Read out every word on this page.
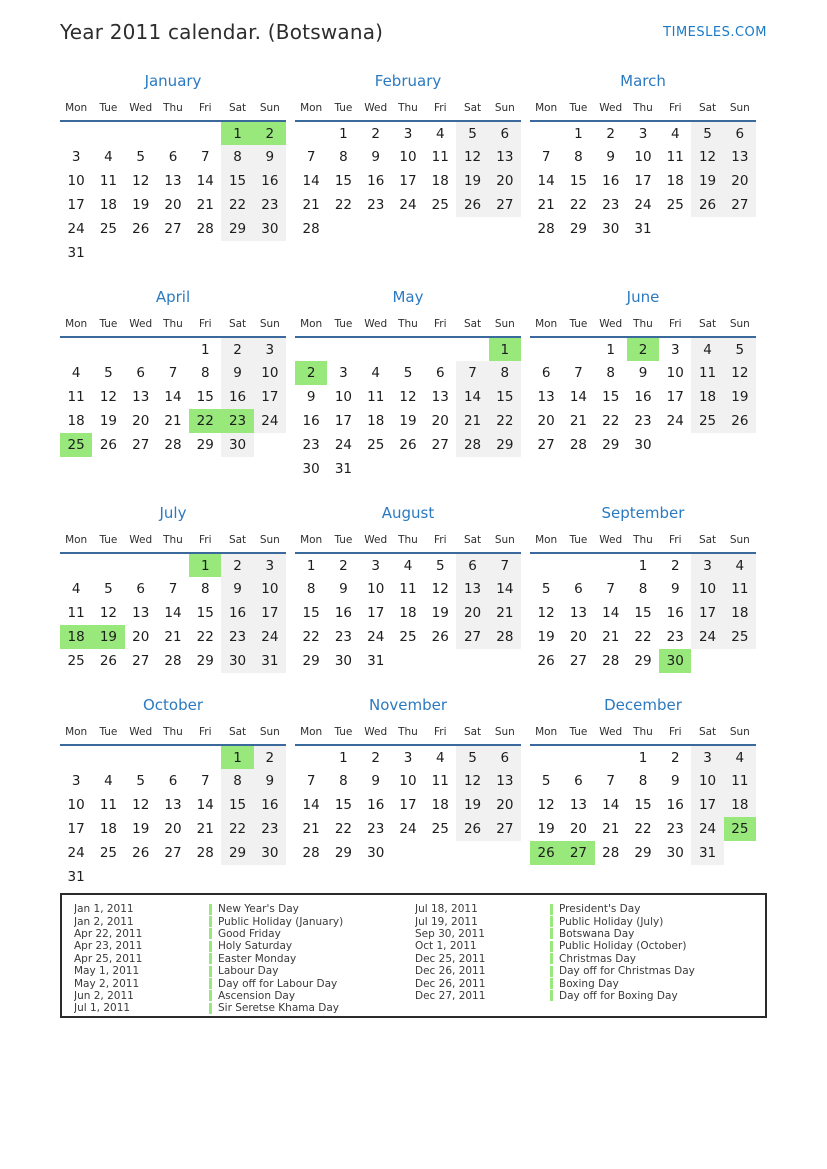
Year 2011 calendar. (Botswana)	TIMESLES.COM
January
Mon	Tue	Wed	Thu	Fri	Sat	Sun
					1	2
3	4	5	6	7	8	9
10	11	12	13	14	15	16
17	18	19	20	21	22	23
24	25	26	27	28	29	30
31						
February
Mon	Tue	Wed	Thu	Fri	Sat	Sun
	1	2	3	4	5	6
7	8	9	10	11	12	13
14	15	16	17	18	19	20
21	22	23	24	25	26	27
28						
March
Mon	Tue	Wed	Thu	Fri	Sat	Sun
	1	2	3	4	5	6
7	8	9	10	11	12	13
14	15	16	17	18	19	20
21	22	23	24	25	26	27
28	29	30	31			
April
Mon	Tue	Wed	Thu	Fri	Sat	Sun
				1	2	3
4	5	6	7	8	9	10
11	12	13	14	15	16	17
18	19	20	21	22	23	24
25	26	27	28	29	30	
May
Mon	Tue	Wed	Thu	Fri	Sat	Sun
						1
2	3	4	5	6	7	8
9	10	11	12	13	14	15
16	17	18	19	20	21	22
23	24	25	26	27	28	29
30	31					
June
Mon	Tue	Wed	Thu	Fri	Sat	Sun
		1	2	3	4	5
6	7	8	9	10	11	12
13	14	15	16	17	18	19
20	21	22	23	24	25	26
27	28	29	30			
July
Mon	Tue	Wed	Thu	Fri	Sat	Sun
				1	2	3
4	5	6	7	8	9	10
11	12	13	14	15	16	17
18	19	20	21	22	23	24
25	26	27	28	29	30	31
August
Mon	Tue	Wed	Thu	Fri	Sat	Sun
1	2	3	4	5	6	7
8	9	10	11	12	13	14
15	16	17	18	19	20	21
22	23	24	25	26	27	28
29	30	31				
September
Mon	Tue	Wed	Thu	Fri	Sat	Sun
			1	2	3	4
5	6	7	8	9	10	11
12	13	14	15	16	17	18
19	20	21	22	23	24	25
26	27	28	29	30		
October
Mon	Tue	Wed	Thu	Fri	Sat	Sun
					1	2
3	4	5	6	7	8	9
10	11	12	13	14	15	16
17	18	19	20	21	22	23
24	25	26	27	28	29	30
31						
November
Mon	Tue	Wed	Thu	Fri	Sat	Sun
	1	2	3	4	5	6
7	8	9	10	11	12	13
14	15	16	17	18	19	20
21	22	23	24	25	26	27
28	29	30				
December
Mon	Tue	Wed	Thu	Fri	Sat	Sun
			1	2	3	4
5	6	7	8	9	10	11
12	13	14	15	16	17	18
19	20	21	22	23	24	25
26	27	28	29	30	31	
Jan 1, 2011	New Year's Day
Jan 2, 2011	Public Holiday (January)
Apr 22, 2011	Good Friday
Apr 23, 2011	Holy Saturday
Apr 25, 2011	Easter Monday
May 1, 2011	Labour Day
May 2, 2011	Day off for Labour Day
Jun 2, 2011	Ascension Day
Jul 1, 2011	Sir Seretse Khama Day
Jul 18, 2011	President's Day
Jul 19, 2011	Public Holiday (July)
Sep 30, 2011	Botswana Day
Oct 1, 2011	Public Holiday (October)
Dec 25, 2011	Christmas Day
Dec 26, 2011	Day off for Christmas Day
Dec 26, 2011	Boxing Day
Dec 27, 2011	Day off for Boxing Day
